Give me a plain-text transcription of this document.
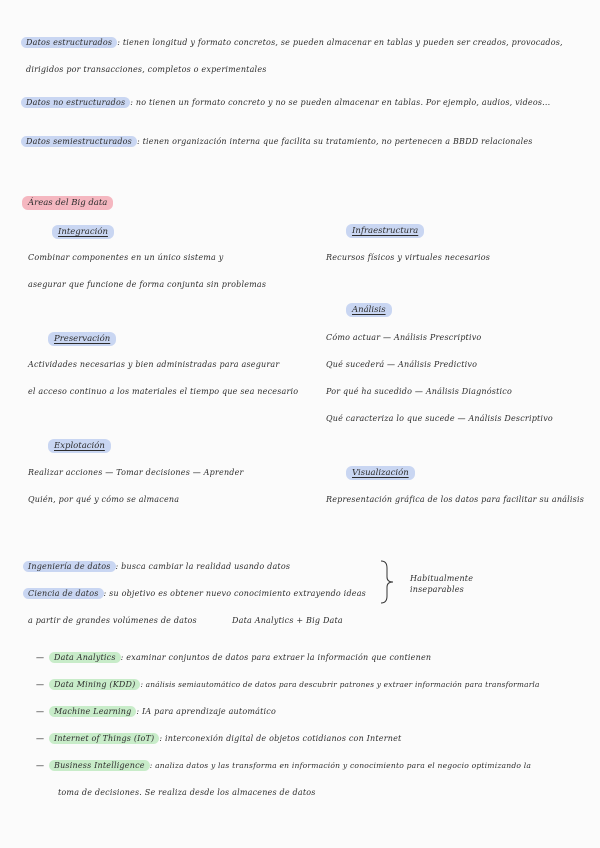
Datos estructurados : tienen longitud y formato concretos, se pueden almacenar en tablas y pueden ser creados, provocados,
dirigidos por transacciones, completos o experimentales
Datos no estructurados : no tienen un formato concreto y no se pueden almacenar en tablas. Por ejemplo, audios, videos...
Datos semiestructurados : tienen organización interna que facilita su tratamiento, no pertenecen a BBDD relacionales
Áreas del Big data
Integración
Combinar componentes en un único sistema y
asegurar que funcione de forma conjunta sin problemas
Infraestructura
Recursos físicos y virtuales necesarios
Análisis
Cómo actuar — Análisis Prescriptivo
Qué sucederá — Análisis Predictivo
Por qué ha sucedido — Análisis Diagnóstico
Qué caracteriza lo que sucede — Análisis Descriptivo
Preservación
Actividades necesarias y bien administradas para asegurar
el acceso continuo a los materiales el tiempo que sea necesario
Explotación
Realizar acciones — Tomar decisiones — Aprender
Quién, por qué y cómo se almacena
Visualización
Representación gráfica de los datos para facilitar su análisis
Ingeniería de datos : busca cambiar la realidad usando datos
Ciencia de datos : su objetivo es obtener nuevo conocimiento extrayendo ideas
a partir de grandes volúmenes de datos	Data Analytics + Big Data
Habitualmente
inseparables
— Data Analytics : examinar conjuntos de datos para extraer la información que contienen
— Data Mining (KDD) : análisis semiautomático de datos para descubrir patrones y extraer información para transformarla
— Machine Learning : IA para aprendizaje automático
— Internet of Things (IoT) : interconexión digital de objetos cotidianos con Internet
— Business Intelligence : analiza datos y las transforma en información y conocimiento para el negocio optimizando la
toma de decisiones. Se realiza desde los almacenes de datos
